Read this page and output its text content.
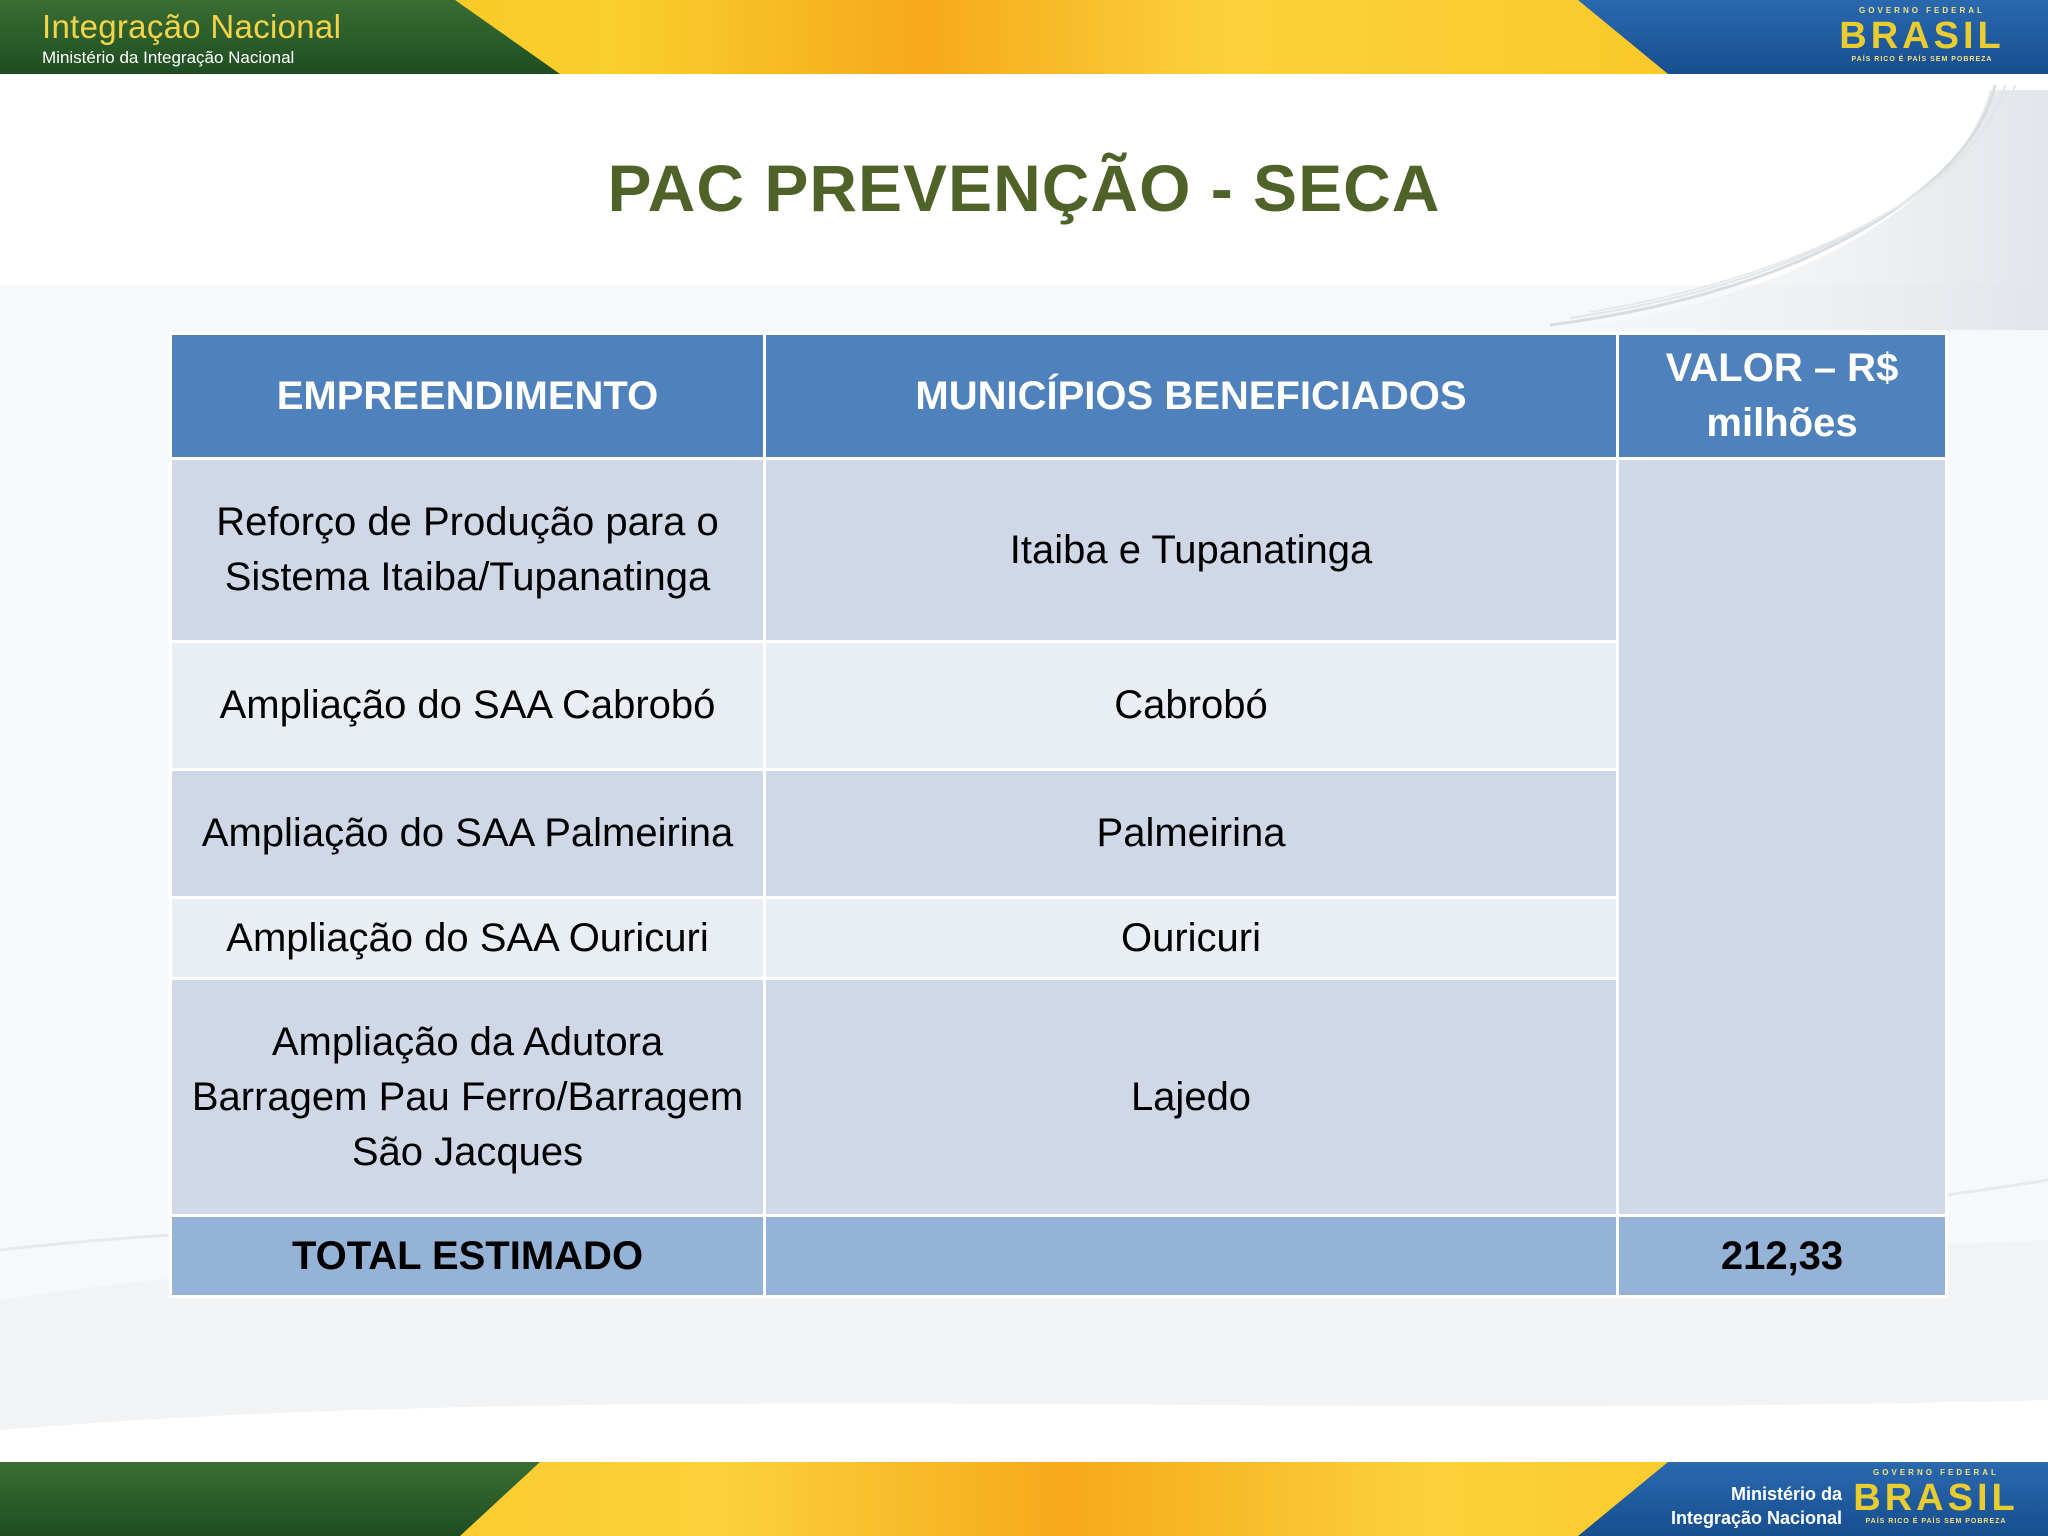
Integração Nacional
Ministério da Integração Nacional
GOVERNO FEDERAL
BRASIL
PAÍS RICO É PAÍS SEM POBREZA
PAC PREVENÇÃO - SECA
EMPREENDIMENTO	MUNICÍPIOS BENEFICIADOS	VALOR – R$ milhões
Reforço de Produção para o Sistema Itaiba/Tupanatinga	Itaiba e Tupanatinga	
Ampliação do SAA Cabrobó	Cabrobó	
Ampliação do SAA Palmeirina	Palmeirina	
Ampliação do SAA Ouricuri	Ouricuri	
Ampliação da Adutora Barragem Pau Ferro/Barragem São Jacques	Lajedo	
TOTAL ESTIMADO		212,33
Ministério da
Integração Nacional
GOVERNO FEDERAL
BRASIL
PAÍS RICO É PAÍS SEM POBREZA
